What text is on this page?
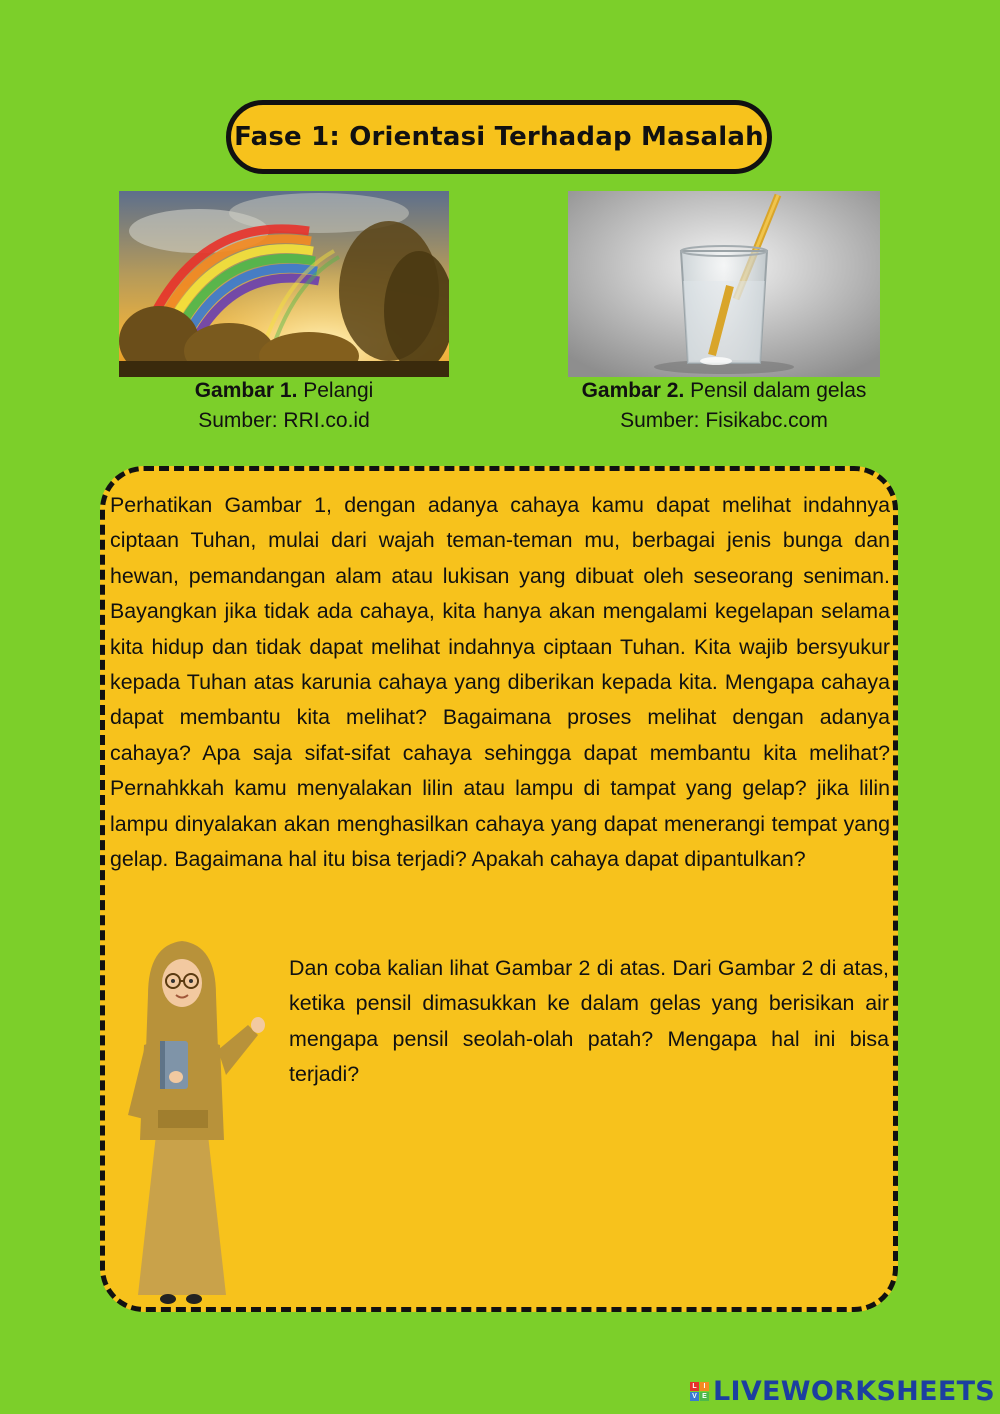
Fase 1: Orientasi Terhadap Masalah
Gambar 1. Pelangi
Sumber: RRI.co.id
Gambar 2. Pensil dalam gelas
Sumber: Fisikabc.com

Perhatikan Gambar 1, dengan adanya cahaya kamu dapat melihat indahnya ciptaan Tuhan, mulai dari wajah teman-teman mu, berbagai jenis bunga dan hewan, pemandangan alam atau lukisan yang dibuat oleh seseorang seniman. Bayangkan jika tidak ada cahaya, kita hanya akan mengalami kegelapan selama kita hidup dan tidak dapat melihat indahnya ciptaan Tuhan. Kita wajib bersyukur kepada Tuhan atas karunia cahaya yang diberikan kepada kita. Mengapa cahaya dapat membantu kita melihat? Bagaimana proses melihat dengan adanya cahaya? Apa saja sifat-sifat cahaya sehingga dapat membantu kita melihat? Pernahkkah kamu menyalakan lilin atau lampu di tampat yang gelap? jika lilin lampu dinyalakan akan menghasilkan cahaya yang dapat menerangi tempat yang gelap. Bagaimana hal itu bisa terjadi? Apakah cahaya dapat dipantulkan?

Dan coba kalian lihat Gambar 2 di atas. Dari Gambar 2 di atas, ketika pensil dimasukkan ke dalam gelas yang berisikan air mengapa pensil seolah-olah patah? Mengapa hal ini bisa terjadi?

L I
V E LIVEWORKSHEETS
